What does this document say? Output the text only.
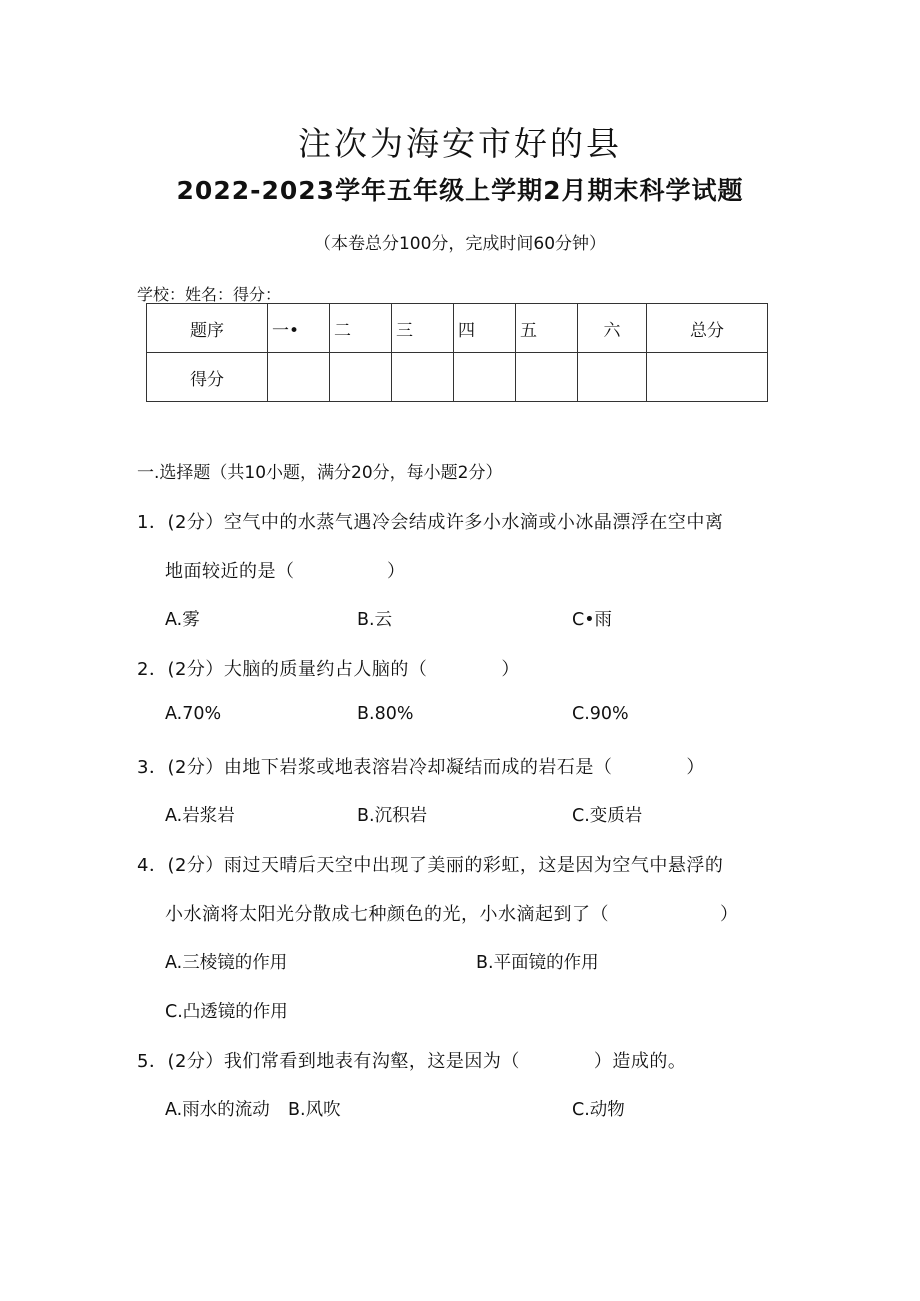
注次为海安市好的县
2022-2023学年五年级上学期2月期末科学试题
（本卷总分100分，完成时间60分钟）
学校：姓名：得分：
题序	一•	二	三	四	五	六	总分
得分							
一.选择题（共10小题，满分20分，每小题2分）
1．(2分）空气中的水蒸气遇冷会结成许多小水滴或小冰晶漂浮在空中离
地面较近的是（　　　　　）
A.雾	B.云	C•雨
2．(2分）大脑的质量约占人脑的（　　　　）
A.70%	B.80%	C.90%
3．(2分）由地下岩浆或地表溶岩冷却凝结而成的岩石是（　　　　）
A.岩浆岩	B.沉积岩	C.变质岩
4．(2分）雨过天晴后天空中出现了美丽的彩虹，这是因为空气中悬浮的
小水滴将太阳光分散成七种颜色的光，小水滴起到了（　　　　　　）
A.三棱镜的作用	B.平面镜的作用
C.凸透镜的作用
5．(2分）我们常看到地表有沟壑，这是因为（　　　　）造成的。
A.雨水的流动 B.风吹	C.动物
